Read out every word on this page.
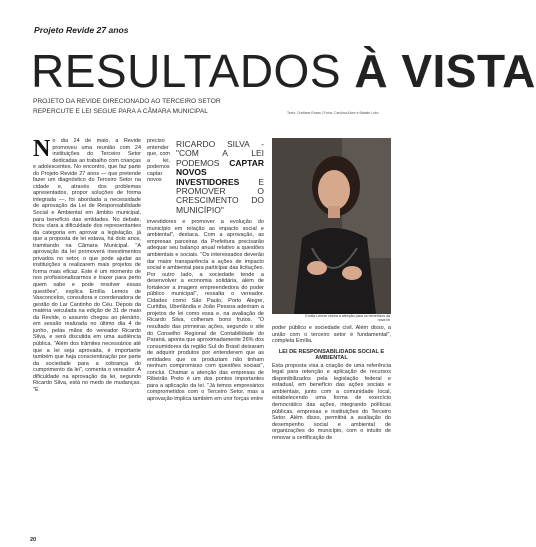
Projeto Revide 27 anos
RESULTADOS À VISTA
PROJETO DA REVIDE DIRECIONADO AO TERCEIRO SETOR REPERCUTE E LEI SEGUE PARA A CÂMARA MUNICIPAL	Texto: Cristiane Rosas | Fotos: Carolina Alves e Batatin Lobo
N o dia 24 de maio, a Revide promoveu uma reunião com 24 instituições do Terceiro Setor dedicadas ao trabalho com crianças e adolescentes. No encontro, que faz parte do Projeto Revide 27 anos — que pretende fazer um diagnóstico do Terceiro Setor na cidade e, através dos problemas apresentados, propor soluções de forma integrada —, foi abordada a necessidade de aprovação da Lei de Responsabilidade Social e Ambiental em âmbito municipal, para benefício das entidades. No debate, ficou clara a dificuldade dos representantes da categoria em aprovar a legislação, já que a proposta de lei estava, há dois anos, tramitando na Câmara Municipal. "A aprovação da lei promoverá investimentos privados no setor, o que pode ajudar as instituições a realizarem mais projetos de forma mais eficaz. Este é um momento de nos profissionalizarmos e trazer para perto quem sabe e pode resolver essas questões", explica Emília Lemos de Vasconcelos, consultora e coordenadora de gestão do Lar Cantinho do Céu. Depois da matéria veiculada na edição de 31 de maio da Revide, o assunto chegou ao plenário, em sessão realizada no último dia 4 de junho, pelas mãos do vereador Ricardo Silva, e será discutida em uma audiência pública. "Além dos trâmites necessários até que a lei seja aprovada, é importante também que haja conscientização por parte da sociedade para a cobrança do cumprimento da lei", comenta o vereador. A dificuldade na aprovação da lei, segundo Ricardo Silva, está no medo de mudanças. "É

RICARDO SILVA - "COM A LEI PODEMOS CAPTAR NOVOS INVESTIDORES E PROMOVER O CRESCIMENTO DO MUNICÍPIO"

preciso entender que, com a lei, podemos captar novos investidores e promover a evolução do município em relação ao impacto social e ambiental", destaca. Com a aprovação, as empresas parceiras da Prefeitura precisarão adequar seu balanço anual relativo a questões ambientais e sociais. "Os interessados deverão dar maior transparência a ações de impacto social e ambiental para participar das licitações. Por outro lado, a sociedade tende a desenvolver a economia solidária, além de fortalecer a imagem empreendedora do poder público municipal", ressalta o vereador. Cidades como São Paulo, Porto Alegre, Curitiba, Uberlândia e João Pessoa aderiram a projetos de lei como essa e, na avaliação de Ricardo Silva, colheram bons frutos. "O resultado das primeiras ações, segundo o site do Conselho Regional de Contabilidade do Paraná, aponta que aproximadamente 26% dos consumidores da região Sul do Brasil deixaram de adquirir produtos por entenderem que as entidades que os produziam não tinham nenhum compromisso com questões sociais", conclui. Chamar a atenção das empresas de Ribeirão Preto é um dos pontos importantes para a aplicação da lei. "Já temos empresários comprometidos com o Terceiro Setor, mas a aprovação implica também em unir forças entre

Emília Lemos cheira a atenção para os benefícios da nova lei

poder público e sociedade civil. Além disso, a união com o terceiro setor é fundamental", completa Emília.

LEI DE RESPONSABILIDADE SOCIAL E AMBIENTAL

Esta proposta visa a criação de uma referência legal para retenção e aplicação de recursos disponibilizados pela legislação federal e estadual, em benefício das ações sociais e ambientais, junto com a comunidade local, estabelecendo uma forma de exercício democrático das ações, integrando políticas públicas, empresas e instituições do Terceiro Setor. Além disso, permitirá a avaliação do desempenho social e ambiental de organizações do município, com o intuito de renovar a certificação de

20
